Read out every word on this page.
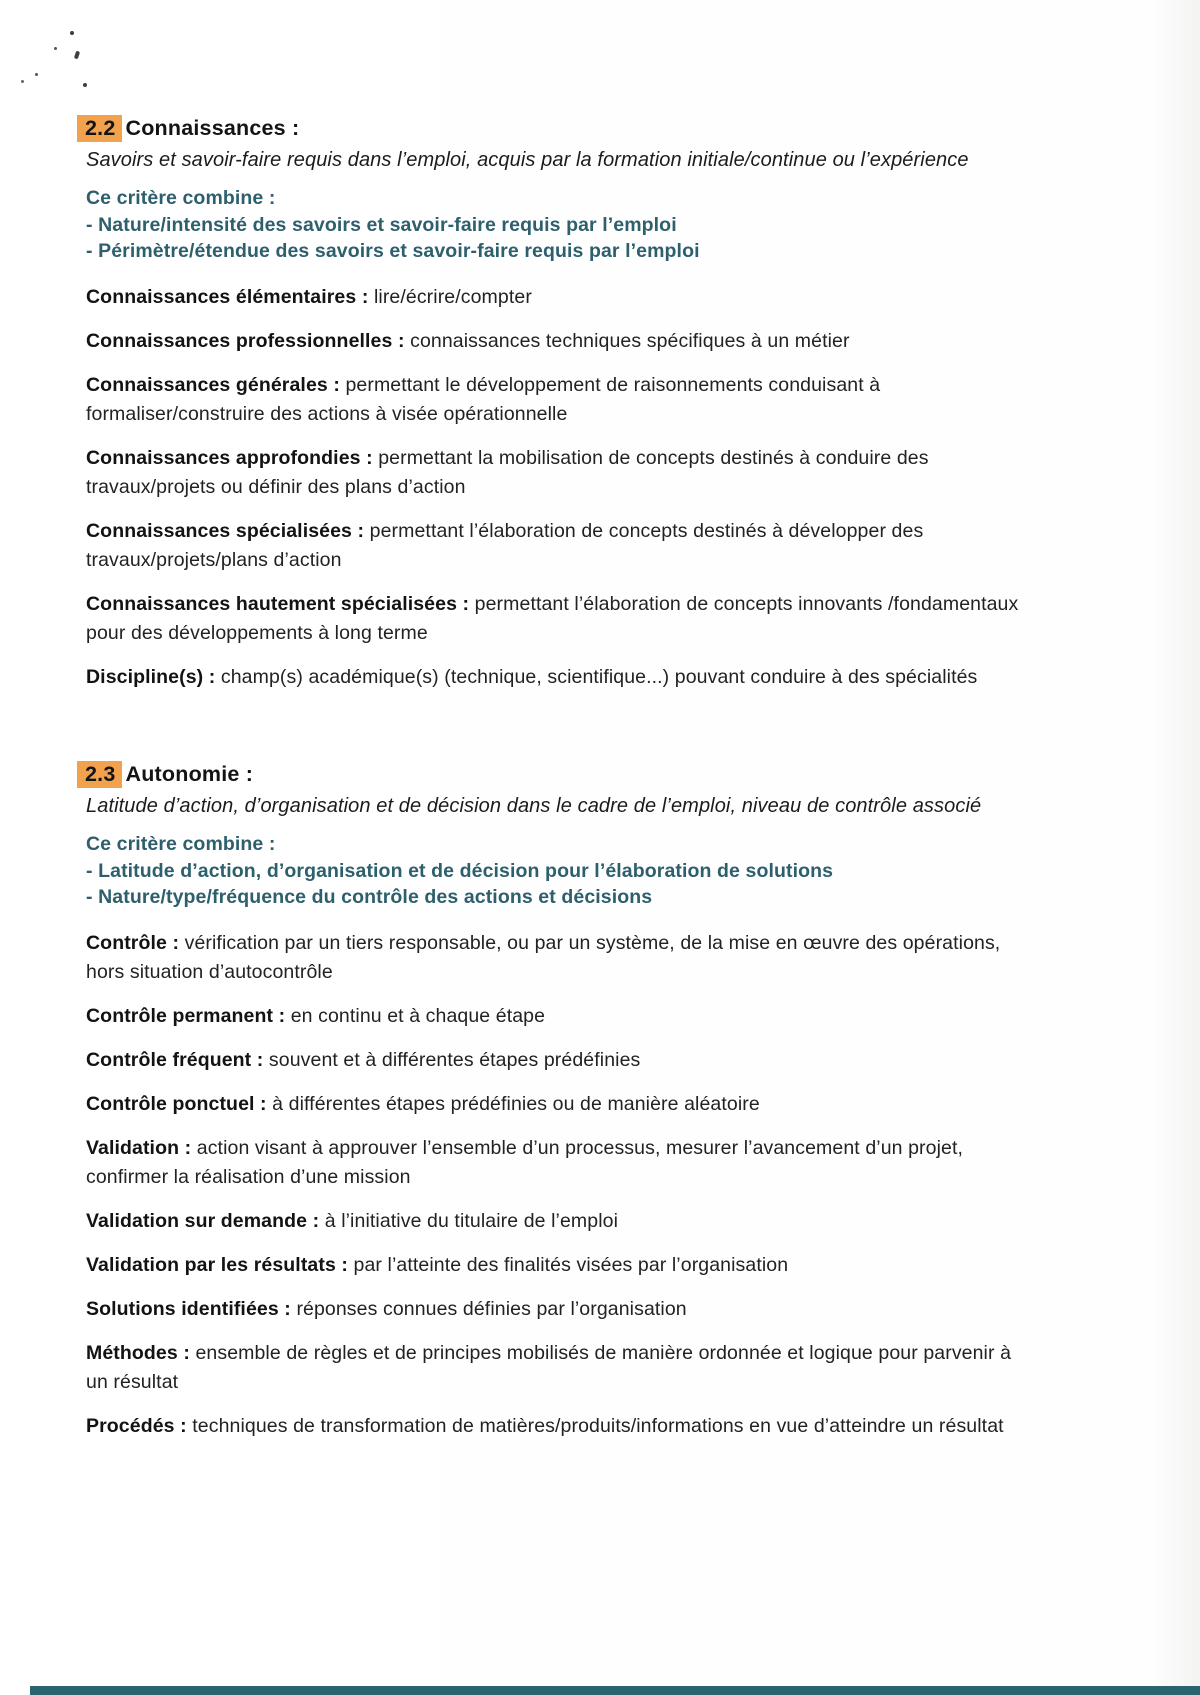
2.2 Connaissances :

Savoirs et savoir-faire requis dans l’emploi, acquis par la formation initiale/continue ou l’expérience

Ce critère combine :

- Nature/intensité des savoirs et savoir-faire requis par l’emploi

- Périmètre/étendue des savoirs et savoir-faire requis par l’emploi

Connaissances élémentaires : lire/écrire/compter

Connaissances professionnelles : connaissances techniques spécifiques à un métier

Connaissances générales : permettant le développement de raisonnements conduisant à formaliser/construire des actions à visée opérationnelle

Connaissances approfondies : permettant la mobilisation de concepts destinés à conduire des travaux/projets ou définir des plans d’action

Connaissances spécialisées : permettant l’élaboration de concepts destinés à développer des travaux/projets/plans d’action

Connaissances hautement spécialisées : permettant l’élaboration de concepts innovants /fondamentaux pour des développements à long terme

Discipline(s) : champ(s) académique(s) (technique, scientifique...) pouvant conduire à des spécialités

2.3 Autonomie :

Latitude d’action, d’organisation et de décision dans le cadre de l’emploi, niveau de contrôle associé

Ce critère combine :

- Latitude d’action, d’organisation et de décision pour l’élaboration de solutions

- Nature/type/fréquence du contrôle des actions et décisions

Contrôle : vérification par un tiers responsable, ou par un système, de la mise en œuvre des opérations, hors situation d’autocontrôle

Contrôle permanent : en continu et à chaque étape

Contrôle fréquent : souvent et à différentes étapes prédéfinies

Contrôle ponctuel : à différentes étapes prédéfinies ou de manière aléatoire

Validation : action visant à approuver l’ensemble d’un processus, mesurer l’avancement d’un projet, confirmer la réalisation d’une mission

Validation sur demande : à l’initiative du titulaire de l’emploi

Validation par les résultats : par l’atteinte des finalités visées par l’organisation

Solutions identifiées : réponses connues définies par l’organisation

Méthodes : ensemble de règles et de principes mobilisés de manière ordonnée et logique pour parvenir à un résultat

Procédés : techniques de transformation de matières/produits/informations en vue d’atteindre un résultat
